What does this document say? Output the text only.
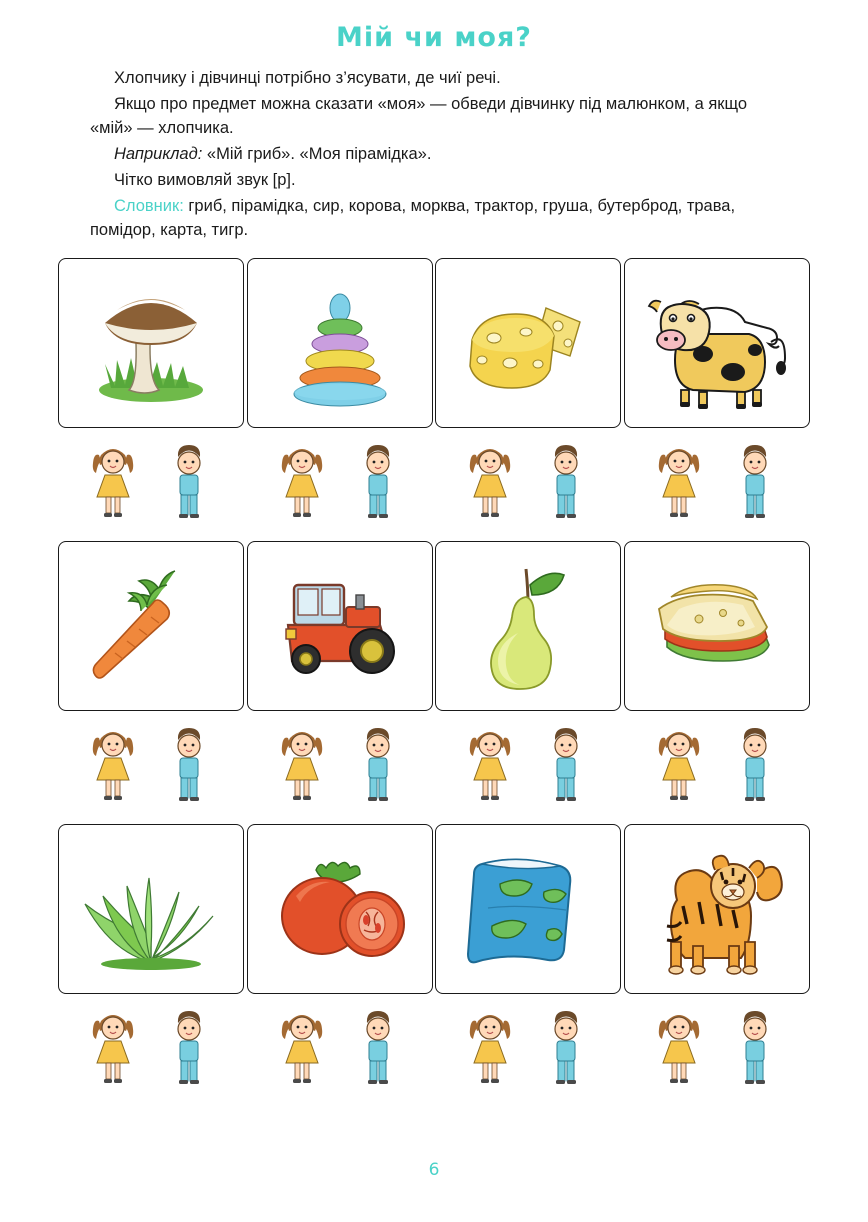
Мій чи моя?

Хлопчику і дівчинці потрібно з’ясувати, де чиї речі.

Якщо про предмет можна сказати «моя» — обведи дівчинку під малюнком, а якщо «мій» — хлопчика.

Наприклад: «Мій гриб». «Моя пірамідка».

Чітко вимовляй звук [р].

Словник: гриб, пірамідка, сир, корова, морква, трактор, груша, бутерброд, трава, помідор, карта, тигр.

6
